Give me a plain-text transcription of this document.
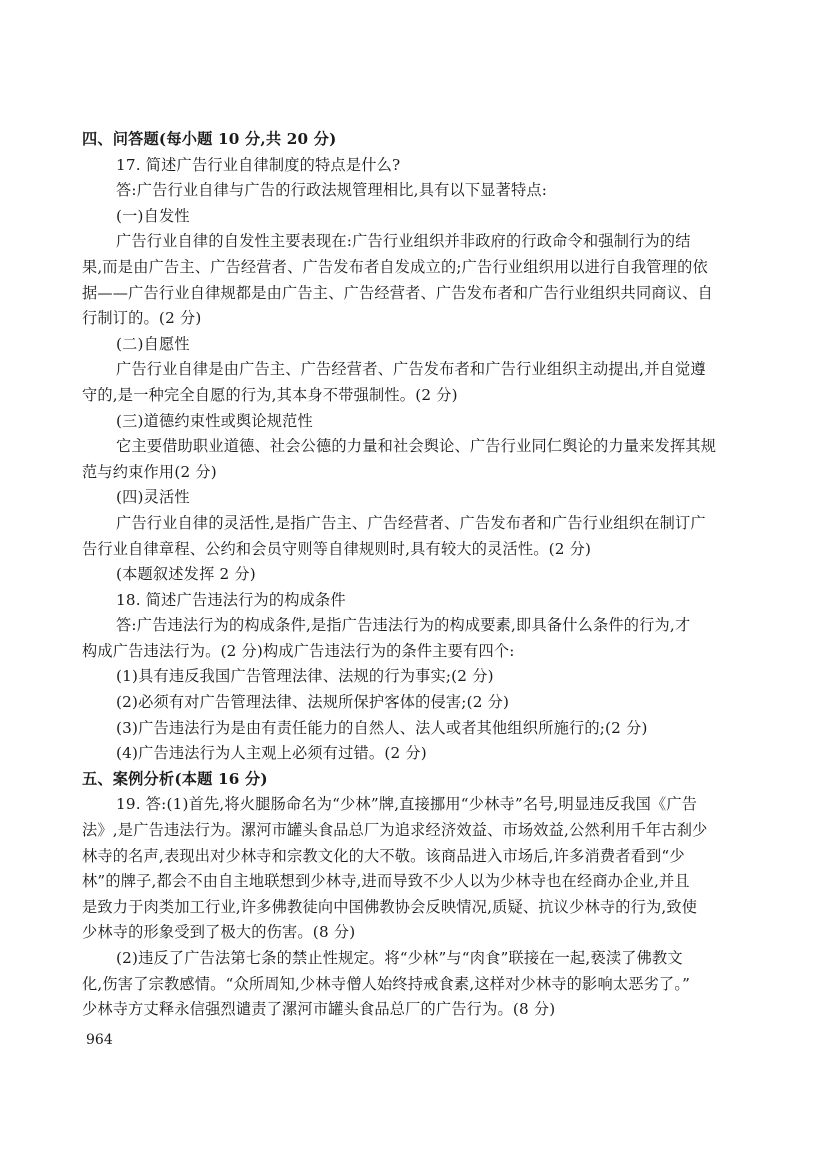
四、问答题(每小题 10 分,共 20 分)
17. 简述广告行业自律制度的特点是什么?
答:广告行业自律与广告的行政法规管理相比,具有以下显著特点:
(一)自发性
广告行业自律的自发性主要表现在:广告行业组织并非政府的行政命令和强制行为的结
果,而是由广告主、广告经营者、广告发布者自发成立的;广告行业组织用以进行自我管理的依
据——广告行业自律规都是由广告主、广告经营者、广告发布者和广告行业组织共同商议、自
行制订的。(2 分)
(二)自愿性
广告行业自律是由广告主、广告经营者、广告发布者和广告行业组织主动提出,并自觉遵
守的,是一种完全自愿的行为,其本身不带强制性。(2 分)
(三)道德约束性或舆论规范性
它主要借助职业道德、社会公德的力量和社会舆论、广告行业同仁舆论的力量来发挥其规
范与约束作用(2 分)
(四)灵活性
广告行业自律的灵活性,是指广告主、广告经营者、广告发布者和广告行业组织在制订广
告行业自律章程、公约和会员守则等自律规则时,具有较大的灵活性。(2 分)
(本题叙述发挥 2 分)
18. 简述广告违法行为的构成条件
答:广告违法行为的构成条件,是指广告违法行为的构成要素,即具备什么条件的行为,才
构成广告违法行为。(2 分)构成广告违法行为的条件主要有四个:
(1)具有违反我国广告管理法律、法规的行为事实;(2 分)
(2)必须有对广告管理法律、法规所保护客体的侵害;(2 分)
(3)广告违法行为是由有责任能力的自然人、法人或者其他组织所施行的;(2 分)
(4)广告违法行为人主观上必须有过错。(2 分)
五、案例分析(本题 16 分)
19. 答:(1)首先,将火腿肠命名为“少林”牌,直接挪用“少林寺”名号,明显违反我国《广告
法》,是广告违法行为。漯河市罐头食品总厂为追求经济效益、市场效益,公然利用千年古刹少
林寺的名声,表现出对少林寺和宗教文化的大不敬。该商品进入市场后,许多消费者看到“少
林”的牌子,都会不由自主地联想到少林寺,进而导致不少人以为少林寺也在经商办企业,并且
是致力于肉类加工行业,许多佛教徒向中国佛教协会反映情况,质疑、抗议少林寺的行为,致使
少林寺的形象受到了极大的伤害。(8 分)
(2)违反了广告法第七条的禁止性规定。将“少林”与“肉食”联接在一起,亵渎了佛教文
化,伤害了宗教感情。“众所周知,少林寺僧人始终持戒食素,这样对少林寺的影响太恶劣了。”
少林寺方丈释永信强烈谴责了漯河市罐头食品总厂的广告行为。(8 分)
964
